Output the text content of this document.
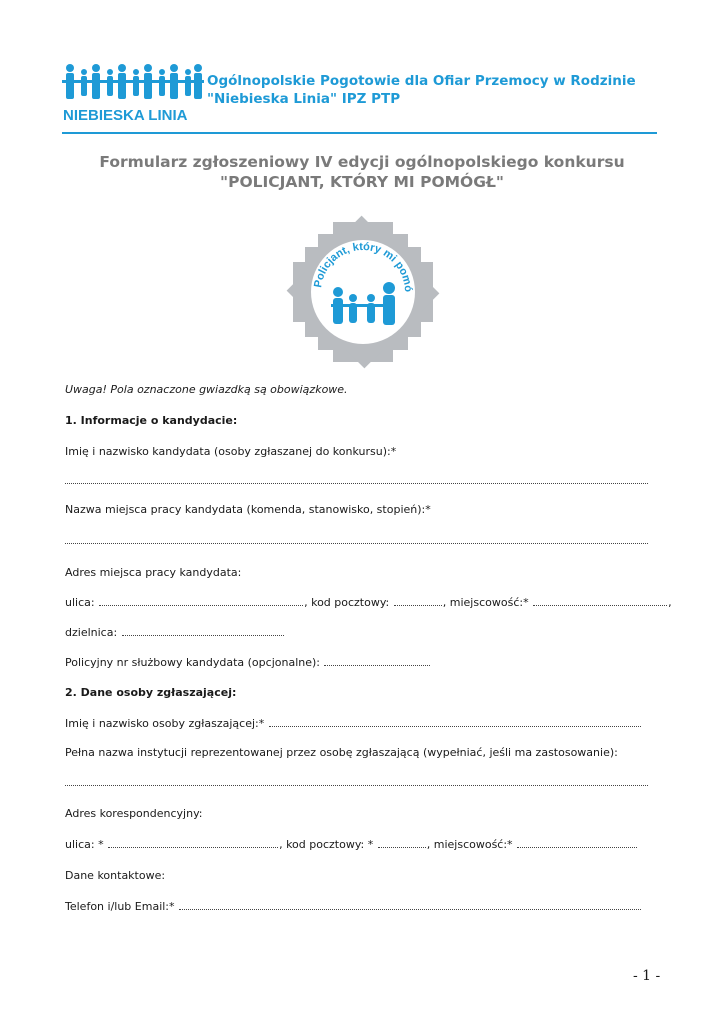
NIEBIESKA LINIA
Ogólnopolskie Pogotowie dla Ofiar Przemocy w Rodzinie
"Niebieska Linia" IPZ PTP
Formularz zgłoszeniowy IV edycji ogólnopolskiego konkursu
"POLICJANT, KTÓRY MI POMÓGŁ"
Policjant, który mi pomó
Uwaga! Pola oznaczone gwiazdką są obowiązkowe.
1. Informacje o kandydacie:
Imię i nazwisko kandydata (osoby zgłaszanej do konkursu):*
Nazwa miejsca pracy kandydata (komenda, stanowisko, stopień):*
Adres miejsca pracy kandydata:
ulica:	, kod pocztowy:	, miejscowość:*	,
dzielnica:
Policyjny nr służbowy kandydata (opcjonalne):
2. Dane osoby zgłaszającej:
Imię i nazwisko osoby zgłaszającej:*
Pełna nazwa instytucji reprezentowanej przez osobę zgłaszającą (wypełniać, jeśli ma zastosowanie):
Adres korespondencyjny:
ulica: *	, kod pocztowy: *	, miejscowość:*
Dane kontaktowe:
Telefon i/lub Email:*
- 1 -
